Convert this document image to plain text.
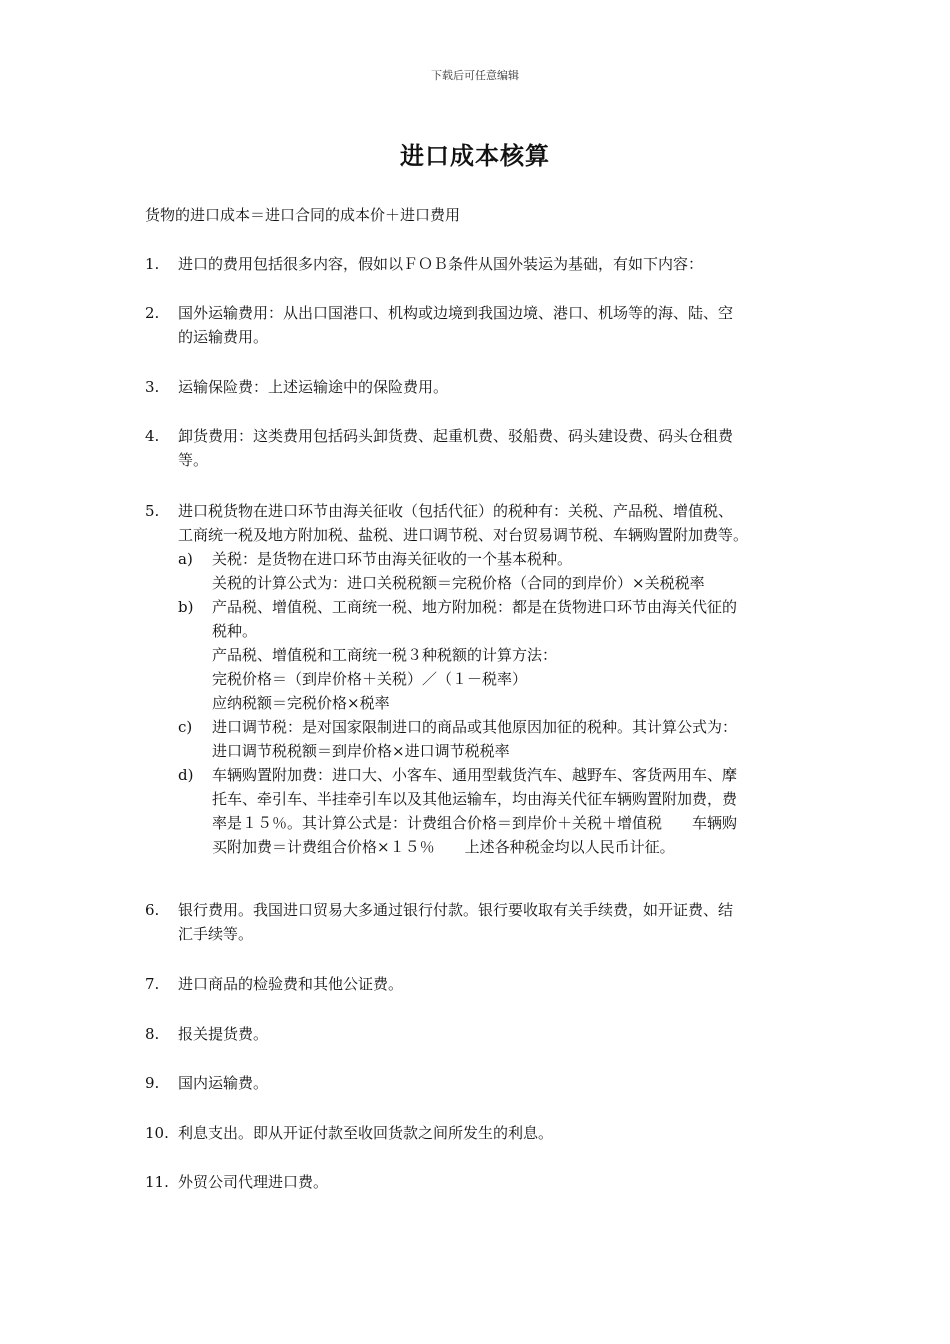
下载后可任意编辑
进口成本核算
货物的进口成本＝进口合同的成本价＋进口费用
1.	进口的费用包括很多内容，假如以ＦＯＢ条件从国外装运为基础，有如下内容：
2.	国外运输费用：从出口国港口、机构或边境到我国边境、港口、机场等的海、陆、空
的运输费用。
3.	运输保险费：上述运输途中的保险费用。
4.	卸货费用：这类费用包括码头卸货费、起重机费、驳船费、码头建设费、码头仓租费
等。
5.	进口税货物在进口环节由海关征收（包括代征）的税种有：关税、产品税、增值税、
工商统一税及地方附加税、盐税、进口调节税、对台贸易调节税、车辆购置附加费等。
a)	关税：是货物在进口环节由海关征收的一个基本税种。
关税的计算公式为：进口关税税额＝完税价格（合同的到岸价）×关税税率
b)	产品税、增值税、工商统一税、地方附加税：都是在货物进口环节由海关代征的
税种。
产品税、增值税和工商统一税３种税额的计算方法：
完税价格＝（到岸价格＋关税）／（１－税率）
应纳税额＝完税价格×税率
c)	进口调节税：是对国家限制进口的商品或其他原因加征的税种。其计算公式为：
进口调节税税额＝到岸价格×进口调节税税率
d)	车辆购置附加费：进口大、小客车、通用型载货汽车、越野车、客货两用车、摩
托车、牵引车、半挂牵引车以及其他运输车，均由海关代征车辆购置附加费，费
率是１５％。其计算公式是：计费组合价格＝到岸价＋关税＋增值税　　车辆购
买附加费＝计费组合价格×１５％　　上述各种税金均以人民币计征。
6.	银行费用。我国进口贸易大多通过银行付款。银行要收取有关手续费，如开证费、结
汇手续等。
7.	进口商品的检验费和其他公证费。
8.	报关提货费。
9.	国内运输费。
10. 利息支出。即从开证付款至收回货款之间所发生的利息。
11. 外贸公司代理进口费。
